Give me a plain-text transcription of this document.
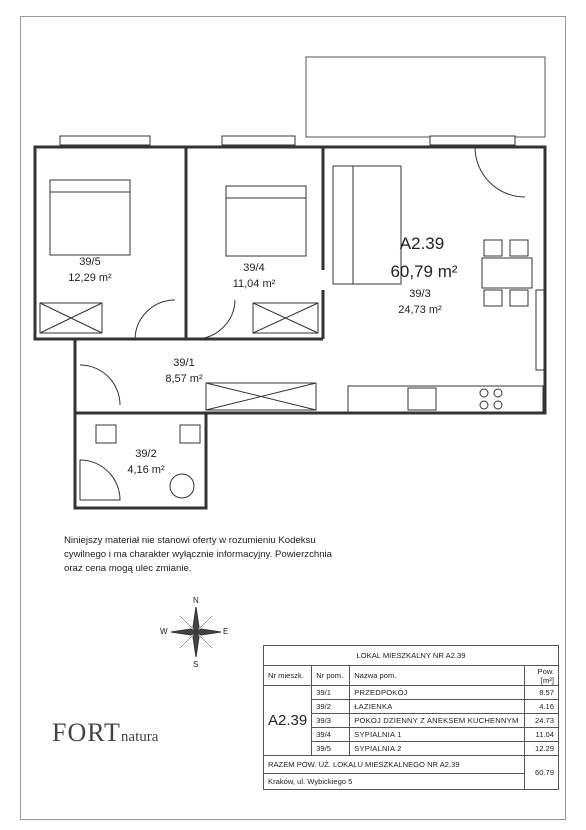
A2.39
60,79 m²
39/5
12,29 m²
39/4
11,04 m²
39/3
24,73 m²
39/1
8,57 m²
39/2
4,16 m²
Niniejszy materiał nie stanowi oferty w rozumieniu Kodeksu cywilnego i ma charakter wyłącznie informacyjny. Powierzchnia oraz cena mogą ulec zmianie.
N
S
E
W
FORTnatura
LOKAL MIESZKALNY NR A2.39			
Nr mieszk.	Nr pom.	Nazwa pom.	Pow. [m²]
A2.39	39/1	PRZEDPOKÓJ	8.57
	39/2	ŁAZIENKA	4.16
	39/3	POKÓJ DZIENNY Z ANEKSEM KUCHENNYM	24.73
	39/4	SYPIALNIA 1	11.04
	39/5	SYPIALNIA 2	12.29
RAZEM POW. UŻ. LOKALU MIESZKALNEGO NR A2.39			60.79
Kraków, ul. Wybickiego 5			
